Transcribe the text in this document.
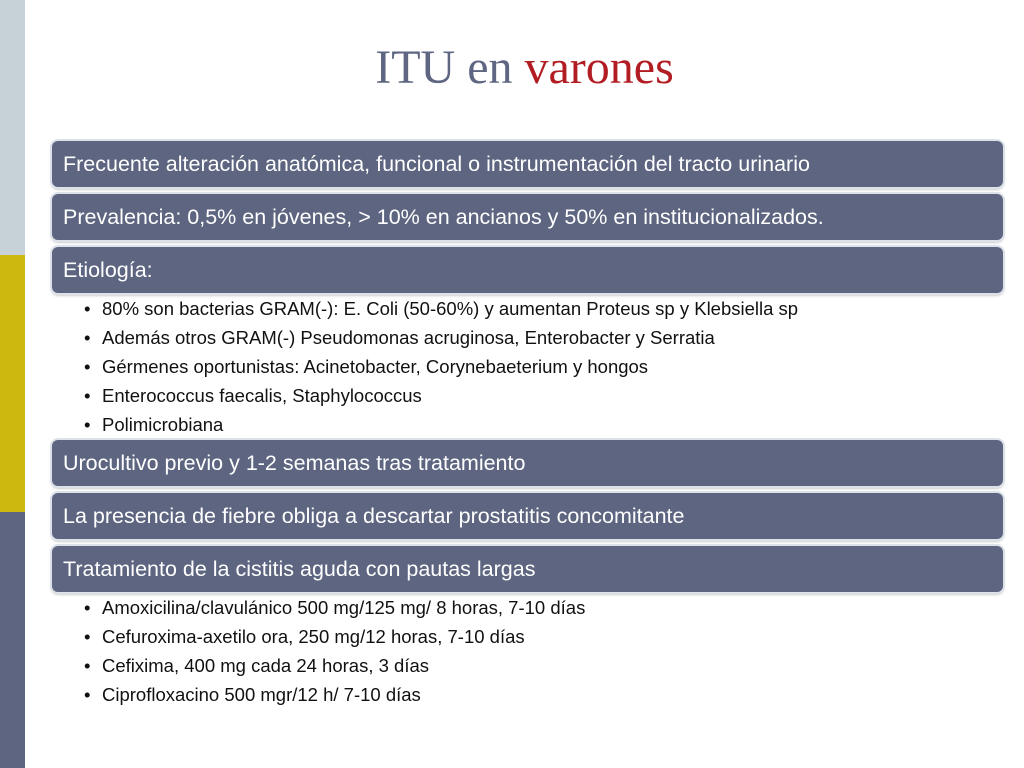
ITU en varones
Frecuente alteración anatómica, funcional o instrumentación del tracto urinario
Prevalencia: 0,5% en jóvenes, > 10% en ancianos y 50% en institucionalizados.
Etiología:
• 80% son bacterias GRAM(-): E. Coli (50-60%) y aumentan Proteus sp y Klebsiella sp
• Además otros GRAM(-) Pseudomonas acruginosa, Enterobacter y Serratia
• Gérmenes oportunistas: Acinetobacter, Corynebaeterium y hongos
• Enterococcus faecalis, Staphylococcus
• Polimicrobiana
Urocultivo previo y 1-2 semanas tras tratamiento
La presencia de fiebre obliga a descartar prostatitis concomitante
Tratamiento de la cistitis aguda con pautas largas
• Amoxicilina/clavulánico 500 mg/125 mg/ 8 horas, 7-10 días
• Cefuroxima-axetilo ora, 250 mg/12 horas, 7-10 días
• Cefixima, 400 mg cada 24 horas, 3 días
• Ciprofloxacino 500 mgr/12 h/ 7-10 días
